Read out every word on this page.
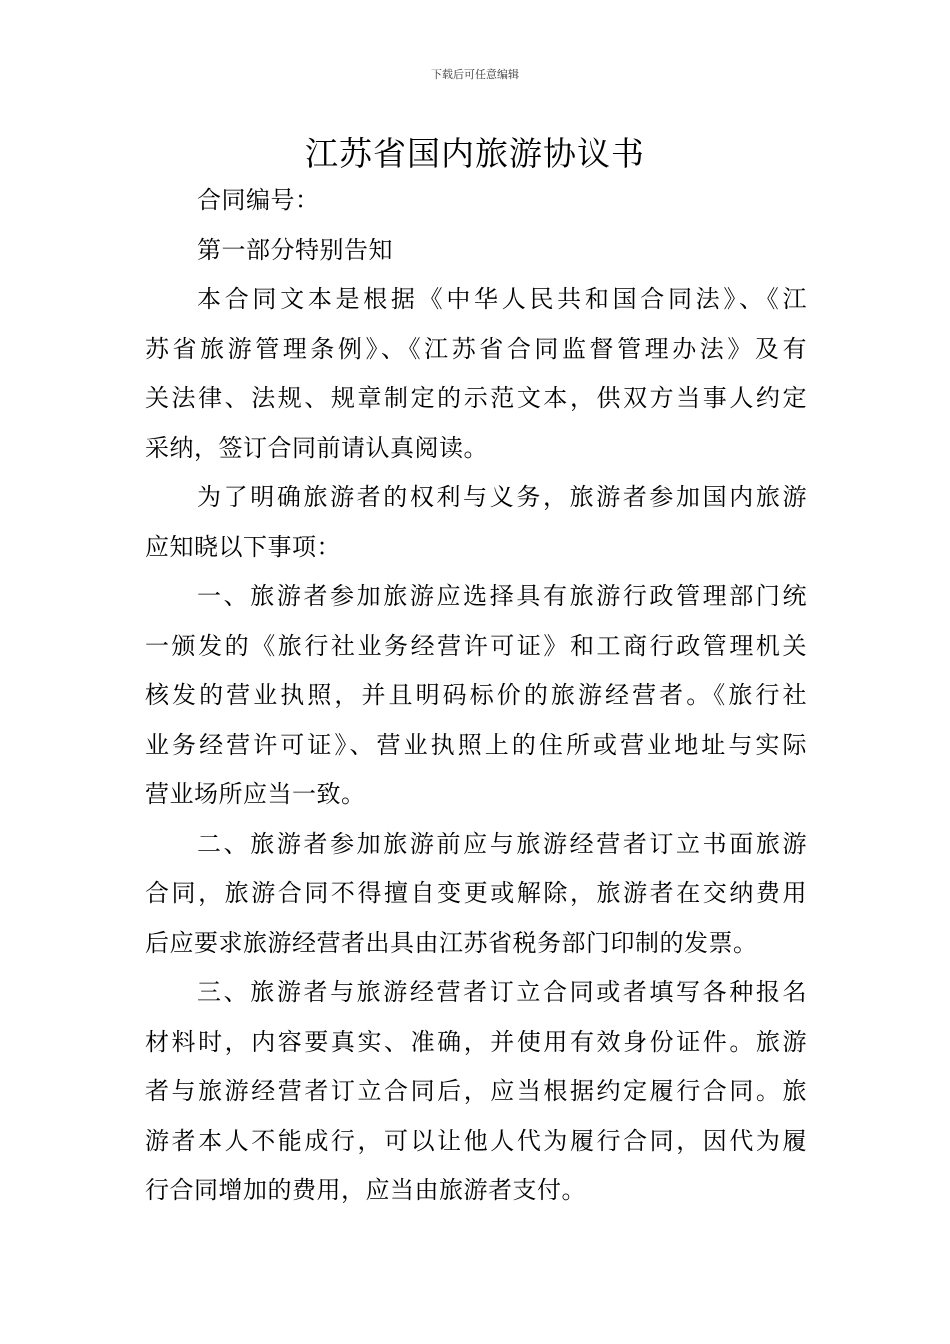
下载后可任意编辑
江苏省国内旅游协议书
合同编号：
第一部分特别告知
本合同文本是根据《中华人民共和国合同法》、《江
苏省旅游管理条例》、《江苏省合同监督管理办法》及有
关法律、法规、规章制定的示范文本，供双方当事人约定
采纳，签订合同前请认真阅读。
为了明确旅游者的权利与义务，旅游者参加国内旅游
应知晓以下事项：
一、旅游者参加旅游应选择具有旅游行政管理部门统
一颁发的《旅行社业务经营许可证》和工商行政管理机关
核发的营业执照，并且明码标价的旅游经营者。《旅行社
业务经营许可证》、营业执照上的住所或营业地址与实际
营业场所应当一致。
二、旅游者参加旅游前应与旅游经营者订立书面旅游
合同，旅游合同不得擅自变更或解除，旅游者在交纳费用
后应要求旅游经营者出具由江苏省税务部门印制的发票。
三、旅游者与旅游经营者订立合同或者填写各种报名
材料时，内容要真实、准确，并使用有效身份证件。旅游
者与旅游经营者订立合同后，应当根据约定履行合同。旅
游者本人不能成行，可以让他人代为履行合同，因代为履
行合同增加的费用，应当由旅游者支付。
